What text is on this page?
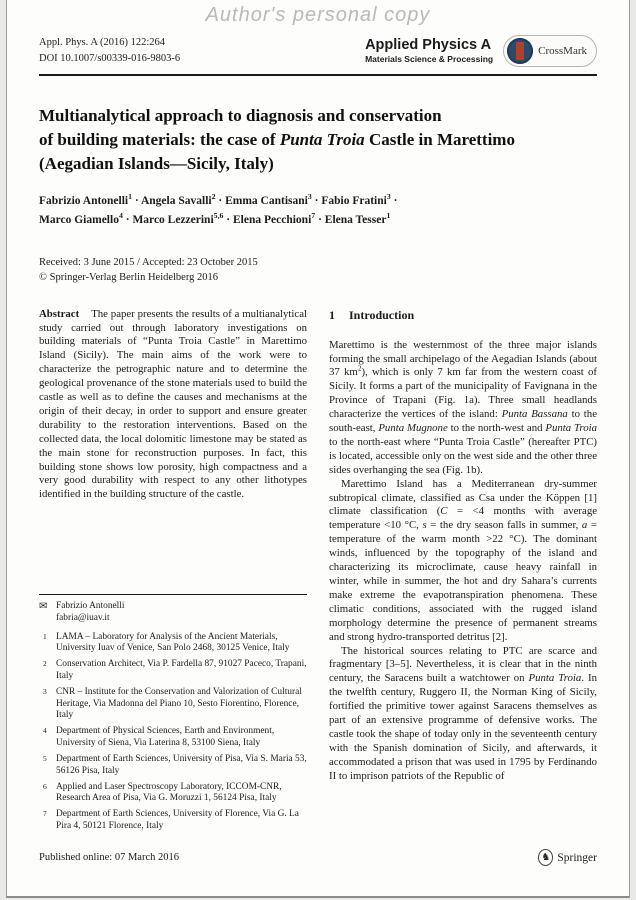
Author's personal copy
Appl. Phys. A (2016) 122:264
DOI 10.1007/s00339-016-9803-6
Applied Physics A
Materials Science & Processing
CrossMark
Multianalytical approach to diagnosis and conservation
of building materials: the case of Punta Troia Castle in Marettimo
(Aegadian Islands—Sicily, Italy)
Fabrizio Antonelli$^1$ · Angela Savalli$^2$ · Emma Cantisani$^3$ · Fabio Fratini$^3$ ·
Marco Giamello$^4$ · Marco Lezzerini$^{5,6}$ · Elena Pecchioni$^7$ · Elena Tesser$^1$
Received: 3 June 2015 / Accepted: 23 October 2015
© Springer-Verlag Berlin Heidelberg 2016

Abstract The paper presents the results of a multianalytical study carried out through laboratory investigations on building materials of “Punta Troia Castle” in Marettimo Island (Sicily). The main aims of the work were to characterize the petrographic nature and to determine the geological provenance of the stone materials used to build the castle as well as to define the causes and mechanisms at the origin of their decay, in order to support and ensure greater durability to the restoration interventions. Based on the collected data, the local dolomitic limestone may be stated as the main stone for reconstruction purposes. In fact, this building stone shows low porosity, high compactness and a very good durability with respect to any other lithotypes identified in the building structure of the castle.

✉ Fabrizio Antonelli
fabria@iuav.it
1 LAMA – Laboratory for Analysis of the Ancient Materials, University Iuav of Venice, San Polo 2468, 30125 Venice, Italy
2 Conservation Architect, Via P. Fardella 87, 91027 Paceco, Trapani, Italy
3 CNR – Institute for the Conservation and Valorization of Cultural Heritage, Via Madonna del Piano 10, Sesto Fiorentino, Florence, Italy
4 Department of Physical Sciences, Earth and Environment, University of Siena, Via Laterina 8, 53100 Siena, Italy
5 Department of Earth Sciences, University of Pisa, Via S. Maria 53, 56126 Pisa, Italy
6 Applied and Laser Spectroscopy Laboratory, ICCOM-CNR, Research Area of Pisa, Via G. Moruzzi 1, 56124 Pisa, Italy
7 Department of Earth Sciences, University of Florence, Via G. La Pira 4, 50121 Florence, Italy
1 Introduction

Marettimo is the westernmost of the three major islands forming the small archipelago of the Aegadian Islands (about 37 $km^2$), which is only 7 km far from the western coast of Sicily. It forms a part of the municipality of Favignana in the Province of Trapani (Fig. 1a). Three small headlands characterize the vertices of the island: Punta Bassana to the south-east, Punta Mugnone to the north-west and Punta Troia to the north-east where “Punta Troia Castle” (hereafter PTC) is located, accessible only on the west side and the other three sides overhanging the sea (Fig. 1b).

Marettimo Island has a Mediterranean dry-summer subtropical climate, classified as Csa under the Köppen [1] climate classification (C = <4 months with average temperature <10 °C, s = the dry season falls in summer, a = temperature of the warm month >22 °C). The dominant winds, influenced by the topography of the island and characterizing its microclimate, cause heavy rainfall in winter, while in summer, the hot and dry Sahara’s currents make extreme the evapotranspiration phenomena. These climatic conditions, associated with the rugged island morphology determine the presence of permanent streams and strong hydro-transported detritus [2].

The historical sources relating to PTC are scarce and fragmentary [3–5]. Nevertheless, it is clear that in the ninth century, the Saracens built a watchtower on Punta Troia. In the twelfth century, Ruggero II, the Norman King of Sicily, fortified the primitive tower against Saracens themselves as part of an extensive programme of defensive works. The castle took the shape of today only in the seventeenth century with the Spanish domination of Sicily, and afterwards, it accommodated a prison that was used in 1795 by Ferdinando II to imprison patriots of the Republic of

Published online: 07 March 2016	♞ Springer
